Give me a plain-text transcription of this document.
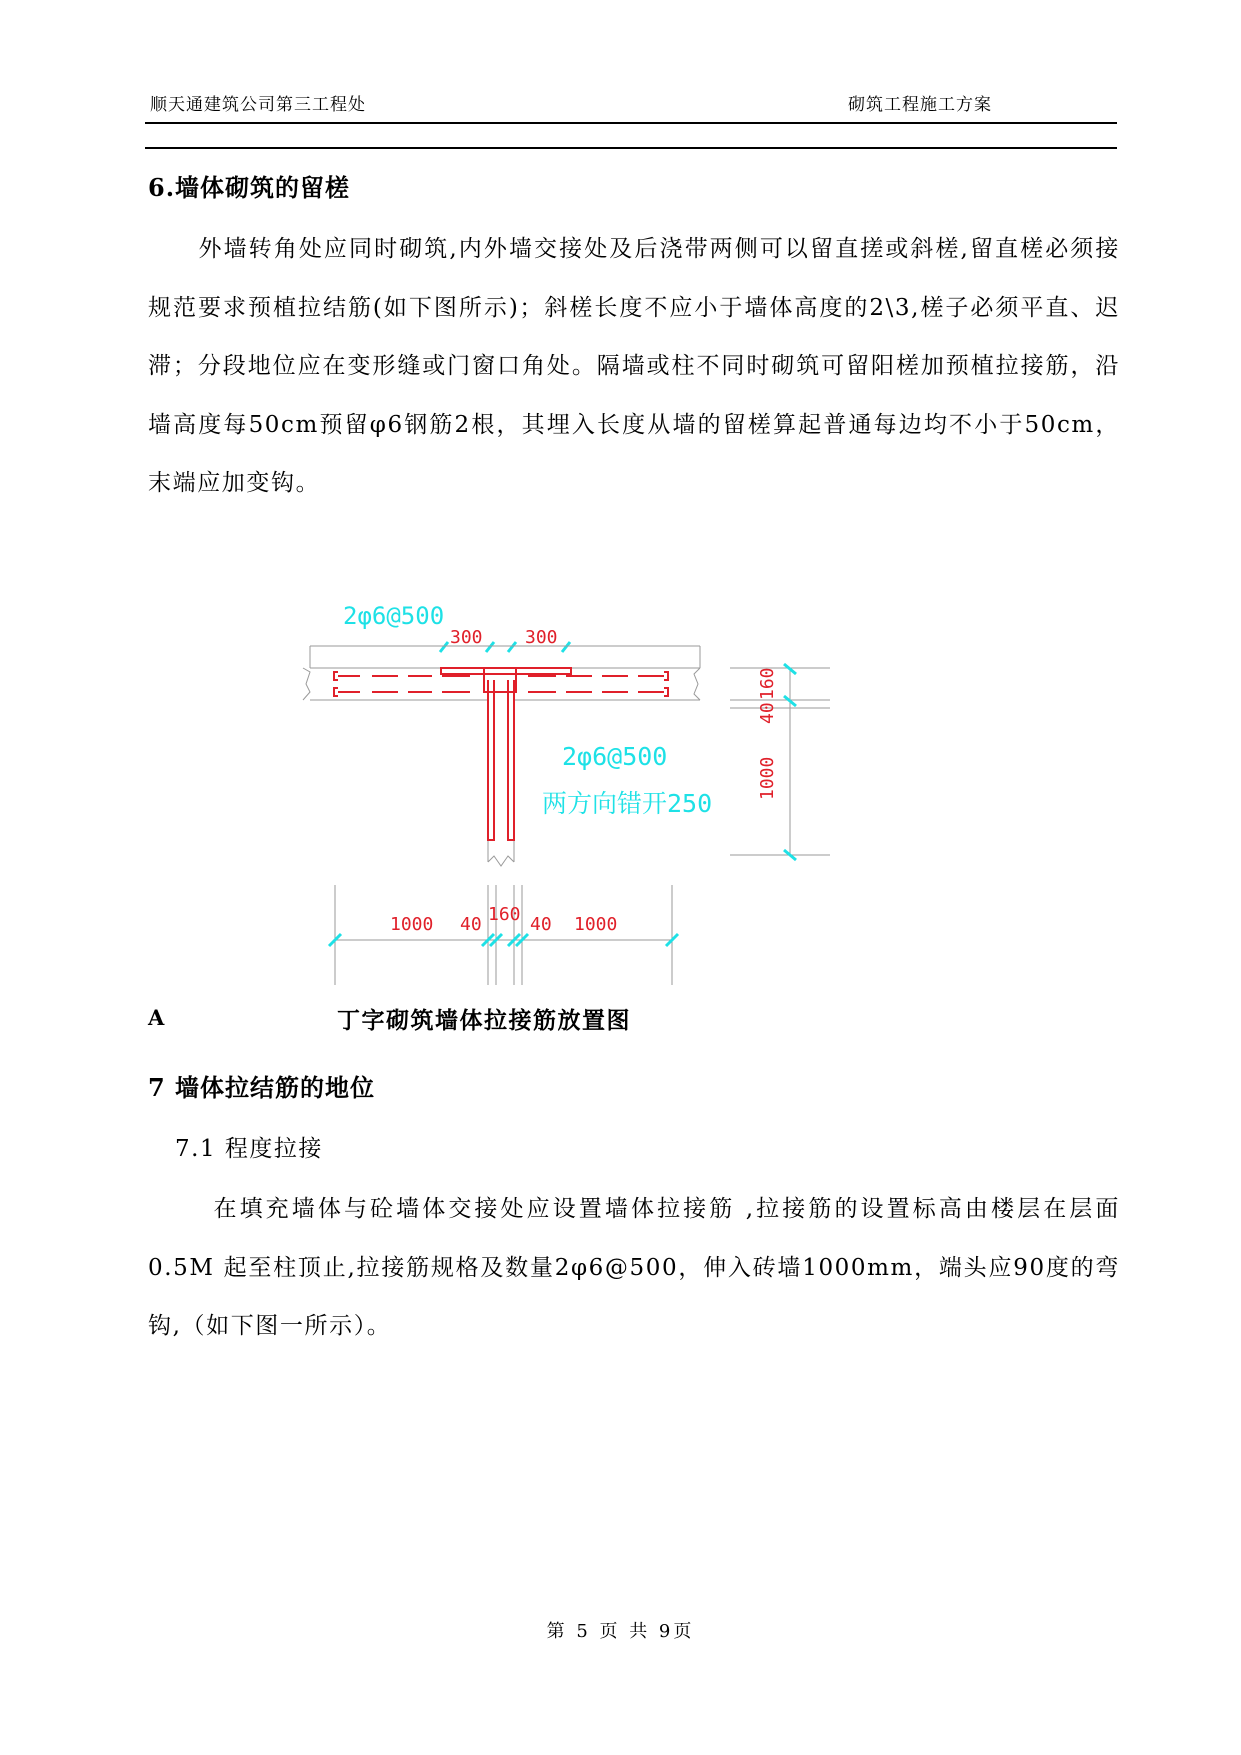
顺天通建筑公司第三工程处	砌筑工程施工方案
6.墙体砌筑的留槎
外墙转角处应同时砌筑,内外墙交接处及后浇带两侧可以留直搓或斜槎,留直槎必须接规范要求预植拉结筋(如下图所示)；斜槎长度不应小于墙体高度的2\3,槎子必须平直、迟滞；分段地位应在变形缝或门窗口角处。隔墙或柱不同时砌筑可留阳槎加预植拉接筋，沿墙高度每50cm预留φ6钢筋2根，其埋入长度从墙的留槎算起普通每边均不小于50cm，末端应加变钩。
2φ6@500
2φ6@500
两方向错开250
300 300
160
40
1000
1000 40 160 40 1000
A	丁字砌筑墙体拉接筋放置图
7 墙体拉结筋的地位
7.1 程度拉接
在填充墙体与砼墙体交接处应设置墙体拉接筋 ,拉接筋的设置标高由楼层在层面 0.5M 起至柱顶止,拉接筋规格及数量2φ6@500，伸入砖墙1000mm，端头应90度的弯钩,（如下图一所示）。
第 5 页 共 9页
